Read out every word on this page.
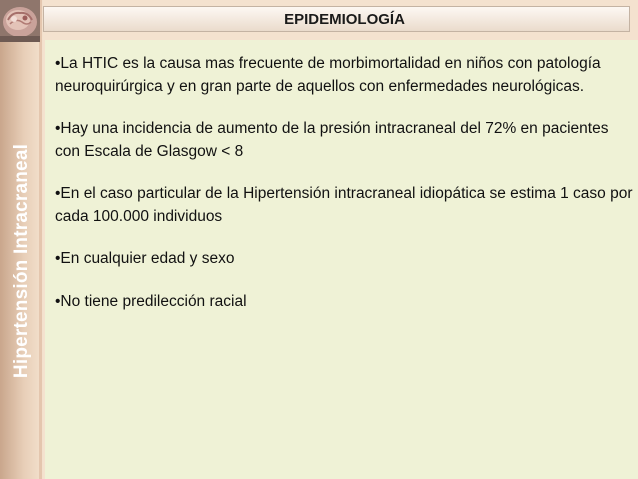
Hipertensión Intracraneal
EPIDEMIOLOGÍA
•La HTIC es la causa mas frecuente de morbimortalidad en niños con patología neuroquirúrgica y en gran parte de aquellos con enfermedades neurológicas.
•Hay una incidencia de aumento de la presión intracraneal del 72% en pacientes con Escala de Glasgow < 8
•En el caso particular de la Hipertensión intracraneal idiopática se estima 1 caso por cada 100.000 individuos
•En cualquier edad y sexo
•No tiene predilección racial
